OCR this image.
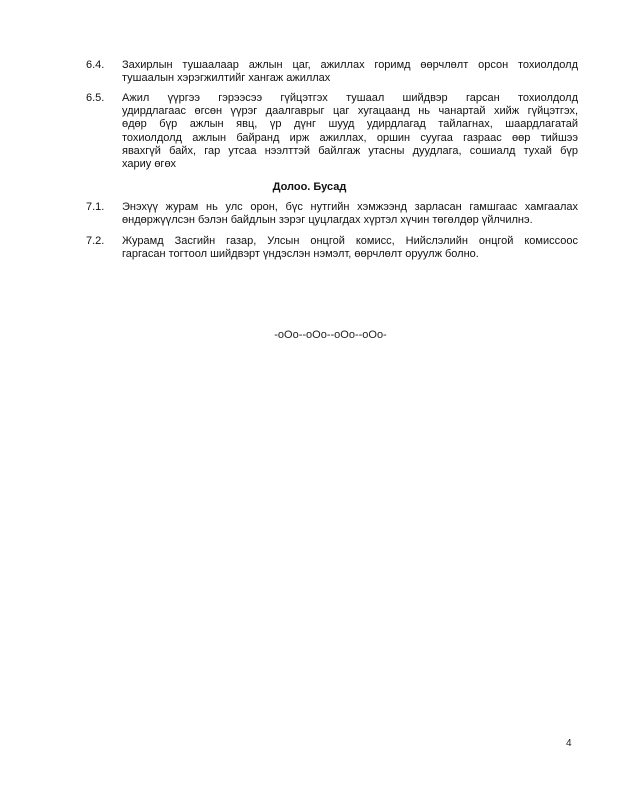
6.4. Захирлын тушаалаар ажлын цаг, ажиллах горимд өөрчлөлт орсон тохиолдолд
тушаалын хэрэгжилтийг хангаж ажиллах
6.5. Ажил үүргээ гэрээсээ гүйцэтгэх тушаал шийдвэр гарсан тохиолдолд
удирдлагаас өгсөн үүрэг даалгаврыг цаг хугацаанд нь чанартай хийж гүйцэтгэх,
өдөр бүр ажлын явц, үр дүнг шууд удирдлагад тайлагнах, шаардлагатай
тохиолдолд ажлын байранд ирж ажиллах, оршин суугаа газраас өөр тийшээ
явахгүй байх, гар утсаа нээлттэй байлгаж утасны дуудлага, сошиалд тухай бүр
хариу өгөх
Долоо. Бусад
7.1. Энэхүү журам нь улс орон, бүс нутгийн хэмжээнд зарласан гамшгаас хамгаалах
өндөржүүлсэн бэлэн байдлын зэрэг цуцлагдах хүртэл хүчин төгөлдөр үйлчилнэ.
7.2. Журамд Засгийн газар, Улсын онцгой комисс, Нийслэлийн онцгой комиссоос
гаргасан тогтоол шийдвэрт үндэслэн нэмэлт, өөрчлөлт оруулж болно.
-oOo--oOo--oOo--oOo-
4
